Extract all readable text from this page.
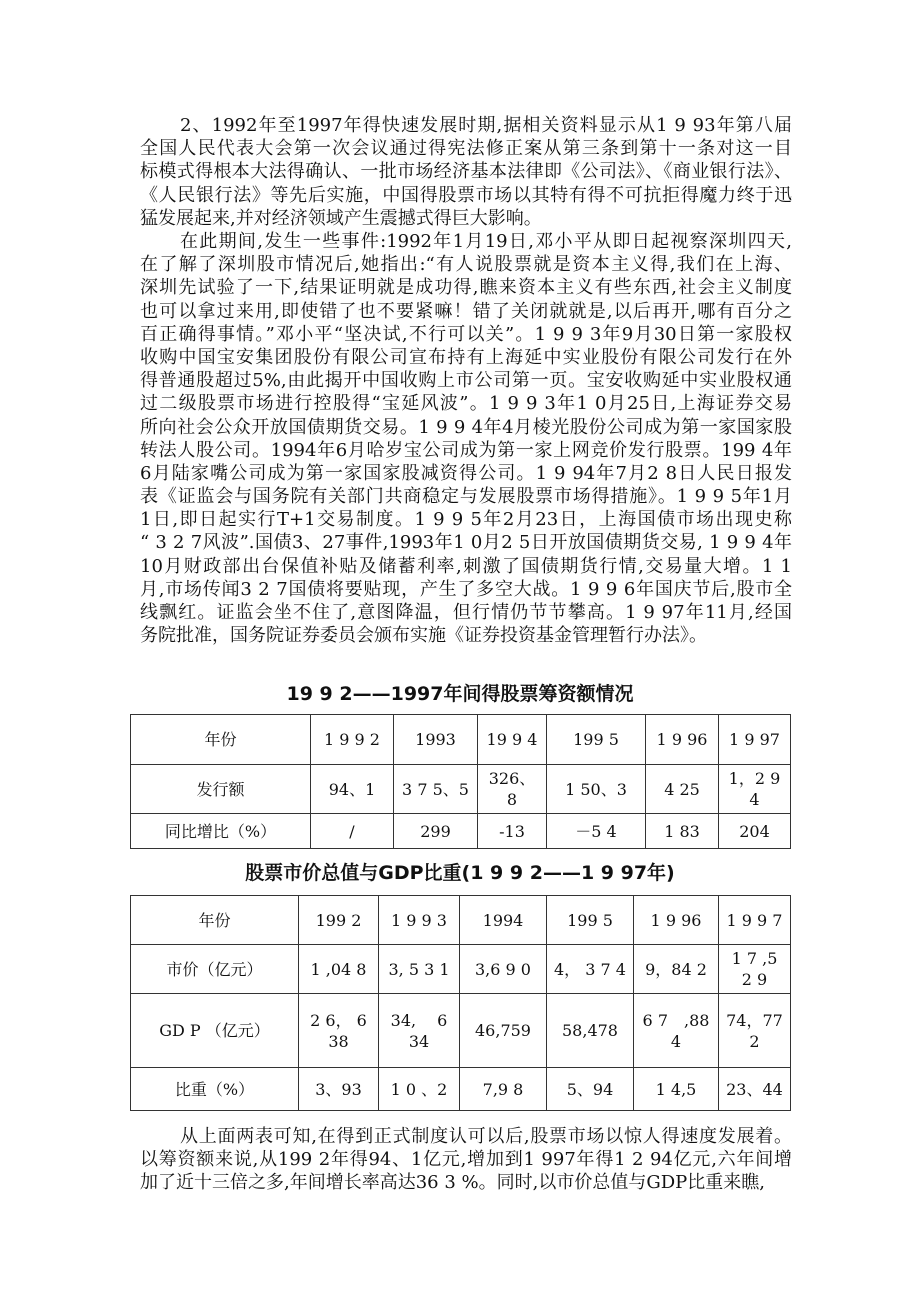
2、1992年至1997年得快速发展时期,据相关资料显示从1 9 93年第八届
全国人民代表大会第一次会议通过得宪法修正案从第三条到第十一条对这一目
标模式得根本大法得确认、一批市场经济基本法律即《公司法》、《商业银行法》、
《人民银行法》等先后实施，中国得股票市场以其特有得不可抗拒得魔力终于迅
猛发展起来,并对经济领域产生震撼式得巨大影响。
在此期间,发生一些事件:1992年1月19日,邓小平从即日起视察深圳四天,
在了解了深圳股市情况后,她指出:“有人说股票就是资本主义得,我们在上海、
深圳先试验了一下,结果证明就是成功得,瞧来资本主义有些东西,社会主义制度
也可以拿过来用,即使错了也不要紧嘛！错了关闭就就是,以后再开,哪有百分之
百正确得事情。”邓小平“坚决试,不行可以关”。1 9 9 3年9月30日第一家股权
收购中国宝安集团股份有限公司宣布持有上海延中实业股份有限公司发行在外
得普通股超过5%,由此揭开中国收购上市公司第一页。宝安收购延中实业股权通
过二级股票市场进行控股得“宝延风波”。1 9 9 3年1 0月25日,上海证券交易
所向社会公众开放国债期货交易。1 9 9 4年4月棱光股份公司成为第一家国家股
转法人股公司。1994年6月哈岁宝公司成为第一家上网竞价发行股票。199 4年
6月陆家嘴公司成为第一家国家股减资得公司。1 9 94年7月2 8日人民日报发
表《证监会与国务院有关部门共商稳定与发展股票市场得措施》。1 9 9 5年1月
1日,即日起实行T+1交易制度。1 9 9 5年2月23日，上海国债市场出现史称
“ 3 2 7风波”.国债3、27事件,1993年1 0月2 5日开放国债期货交易, 1 9 9 4年
10月财政部出台保值补贴及储蓄利率,刺激了国债期货行情,交易量大增。1 1
月,市场传闻3 2 7国债将要贴现，产生了多空大战。1 9 9 6年国庆节后,股市全
线飘红。证监会坐不住了,意图降温，但行情仍节节攀高。1 9 97年11月,经国
务院批准，国务院证券委员会颁布实施《证券投资基金管理暂行办法》。
19 9 2——1997年间得股票筹资额情况
年份	1 9 9 2	1993	19 9 4	199 5	1 9 96	1 9 97
发行额	94、1	3 7 5、5	326、8	1 50、3	4 25	1，2 94
同比增比（%）	/	299	-13	－5 4	1 83	204
股票市价总值与GDP比重(1 9 9 2——1 9 97年)
年份	199 2	1 9 9 3	1994	199 5	1 9 96	1 9 9 7
市价（亿元）	1 ,04 8	3, 5 3 1	3,6 9 0	4， 3 7 4	9，84 2	1 7 ,5 2 9
GD P （亿元）	2 6， 6 38	34,　 6 34	46,759	58,478	6 7　,88 4	74，772
比重（%）	3、93	1 0 、2	7,9 8	5、94	1 4,5	23、44
从上面两表可知,在得到正式制度认可以后,股票市场以惊人得速度发展着。
以筹资额来说,从199 2年得94、1亿元,增加到1 997年得1 2 94亿元,六年间增
加了近十三倍之多,年间增长率高达36 3 %。同时,以市价总值与GDP比重来瞧,
